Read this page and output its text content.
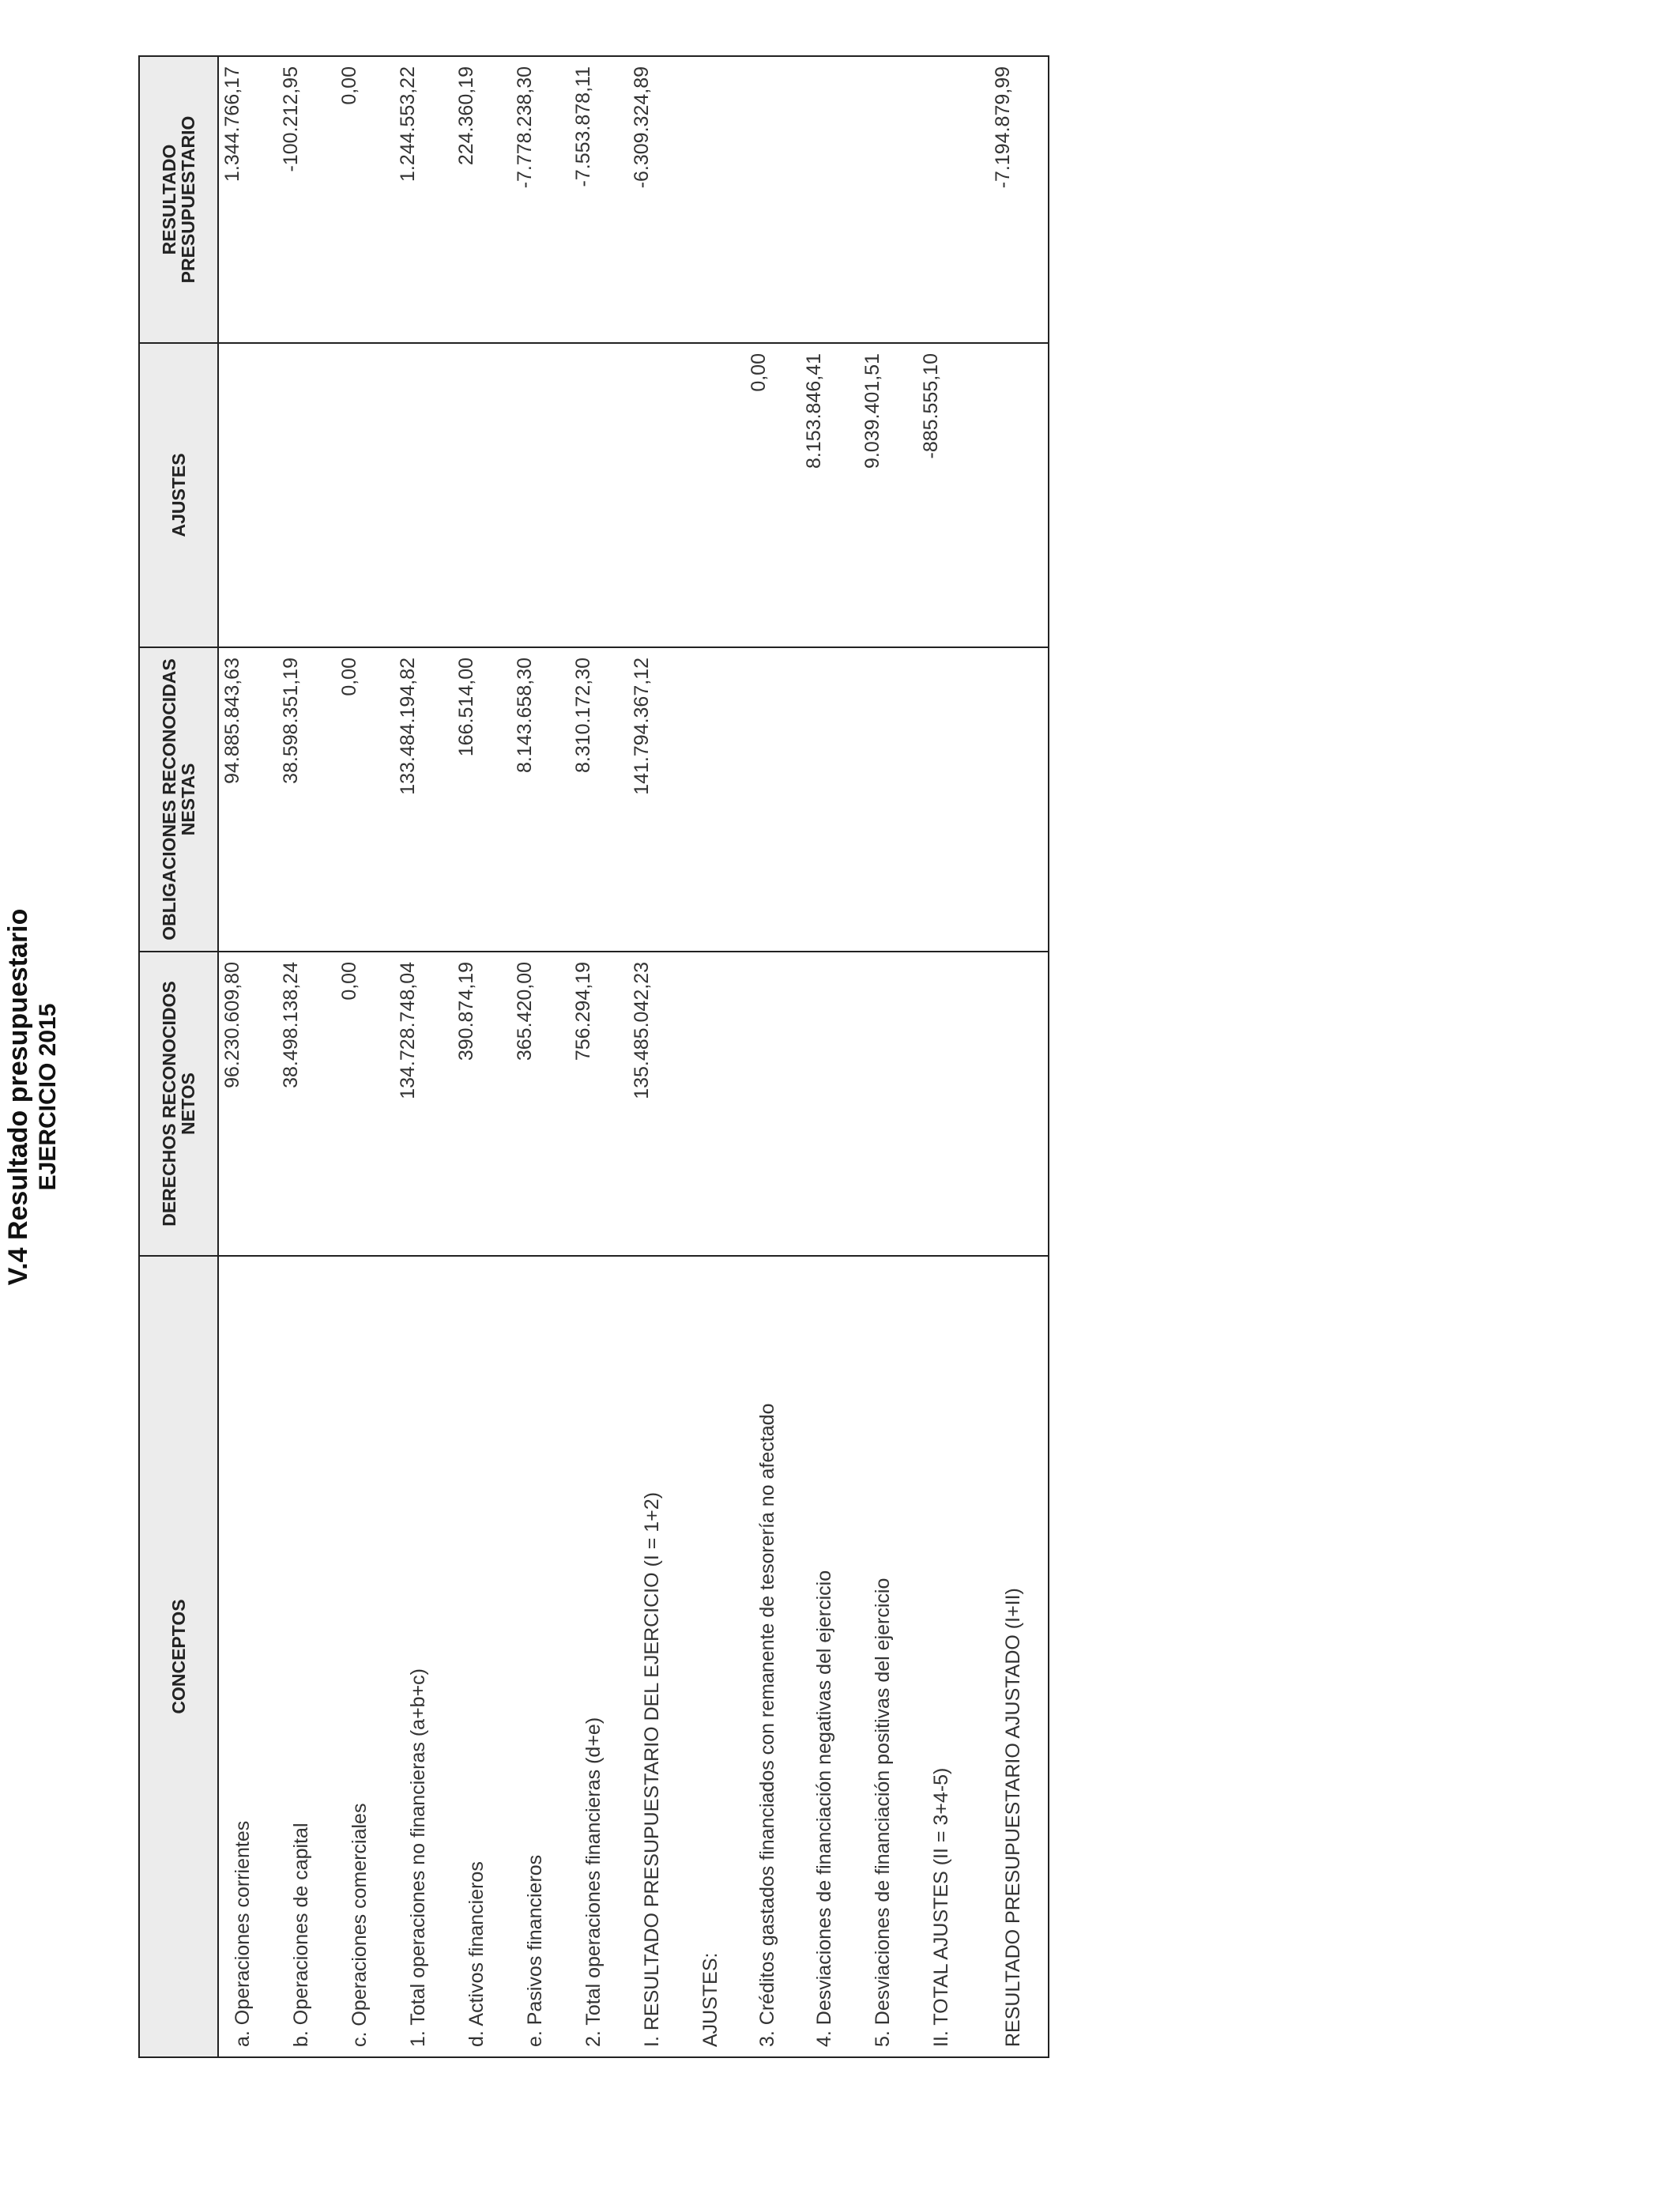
V.4 Resultado presupuestario EJERCICIO 2015
CONCEPTOS	DERECHOS RECONOCIDOS NETOS	OBLIGACIONES RECONOCIDAS NESTAS	AJUSTES	RESULTADO PRESUPUESTARIO
a. Operaciones corrientes	96.230.609,80	94.885.843,63		1.344.766,17
b. Operaciones de capital	38.498.138,24	38.598.351,19		-100.212,95
c. Operaciones comerciales	0,00	0,00		0,00
1. Total operaciones no financieras (a+b+c)	134.728.748,04	133.484.194,82		1.244.553,22
d. Activos financieros	390.874,19	166.514,00		224.360,19
e. Pasivos financieros	365.420,00	8.143.658,30		-7.778.238,30
2. Total operaciones financieras (d+e)	756.294,19	8.310.172,30		-7.553.878,11
I. RESULTADO PRESUPUESTARIO DEL EJERCICIO (I = 1+2)	135.485.042,23	141.794.367,12		-6.309.324,89
AJUSTES:				

3. Créditos gastados financiados con remanente de tesorería no afectado			0,00	
4. Desviaciones de financiación negativas del ejercicio			8.153.846,41	
5. Desviaciones de financiación positivas del ejercicio			9.039.401,51	
II. TOTAL AJUSTES (II = 3+4-5)			-885.555,10	
RESULTADO PRESUPUESTARIO AJUSTADO (I+II)				-7.194.879,99
